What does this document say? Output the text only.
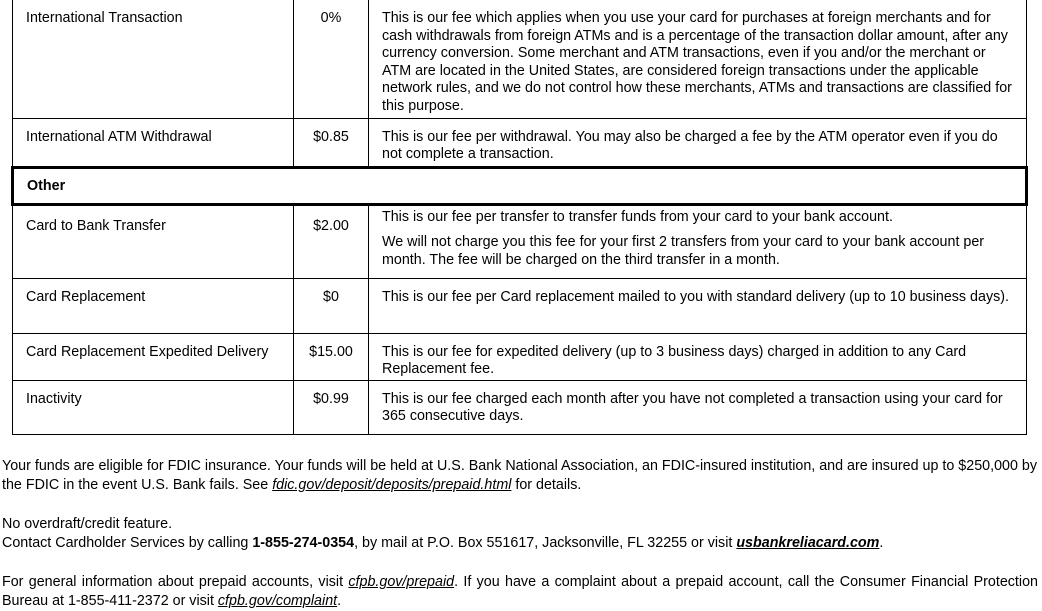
International Transaction	0%	This is our fee which applies when you use your card for purchases at foreign merchants and for cash withdrawals from foreign ATMs and is a percentage of the transaction dollar amount, after any currency conversion. Some merchant and ATM transactions, even if you and/or the merchant or ATM are located in the United States, are considered foreign transactions under the applicable network rules, and we do not control how these merchants, ATMs and transactions are classified for this purpose.
International ATM Withdrawal	$0.85	This is our fee per withdrawal. You may also be charged a fee by the ATM operator even if you do not complete a transaction.
Other		
Card to Bank Transfer	$2.00	This is our fee per transfer to transfer funds from your card to your bank account.
We will not charge you this fee for your first 2 transfers from your card to your bank account per month. The fee will be charged on the third transfer in a month.

Card Replacement	$0	This is our fee per Card replacement mailed to you with standard delivery (up to 10 business days).
Card Replacement Expedited Delivery	$15.00	This is our fee for expedited delivery (up to 3 business days) charged in addition to any Card Replacement fee.
Inactivity	$0.99	This is our fee charged each month after you have not completed a transaction using your card for 365 consecutive days.

Your funds are eligible for FDIC insurance. Your funds will be held at U.S. Bank National Association, an FDIC-insured institution, and are insured up to $250,000 by the FDIC in the event U.S. Bank fails. See fdic.gov/deposit/deposits/prepaid.html for details.

No overdraft/credit feature.

Contact Cardholder Services by calling 1-855-274-0354, by mail at P.O. Box 551617, Jacksonville, FL 32255 or visit usbankreliacard.com.

For general information about prepaid accounts, visit cfpb.gov/prepaid. If you have a complaint about a prepaid account, call the Consumer Financial Protection Bureau at 1-855-411-2372 or visit cfpb.gov/complaint.
